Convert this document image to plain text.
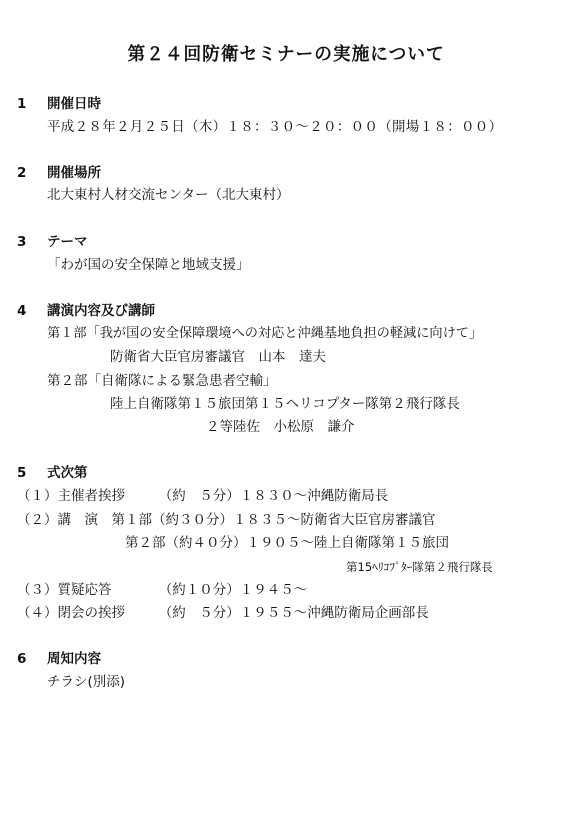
第２４回防衛セミナーの実施について
1 開催日時
平成２８年２月２５日（木）１８：３０～２０：００（開場１８：００）
2 開催場所
北大東村人材交流センター（北大東村）
3 テーマ
「わが国の安全保障と地域支援」
4 講演内容及び講師
第１部「我が国の安全保障環境への対応と沖縄基地負担の軽減に向けて」
防衛省大臣官房審議官　山本　達夫
第２部「自衛隊による緊急患者空輸」
陸上自衛隊第１５旅団第１５ヘリコプター隊第２飛行隊長
２等陸佐　小松原　謙介
5 式次第
（１）主催者挨拶　　　（約　５分）１８３０～沖縄防衛局長
（２）講　演　第１部（約３０分）１８３５～防衛省大臣官房審議官
第２部（約４０分）１９０５～陸上自衛隊第１５旅団
第15ﾍﾘｺﾌﾟﾀｰ隊第２飛行隊長
（３）質疑応答　　　　（約１０分）１９４５～
（４）閉会の挨拶　　　（約　５分）１９５５～沖縄防衛局企画部長
6 周知内容
チラシ(別添)
